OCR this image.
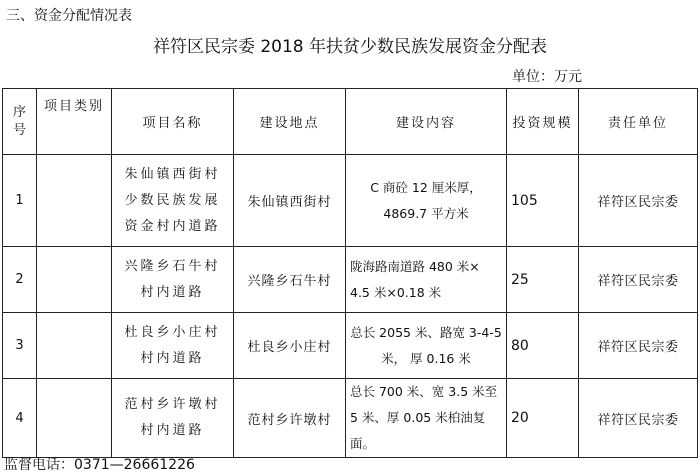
三、资金分配情况表
祥符区民宗委 2018 年扶贫少数民族发展资金分配表
单位：万元
序
号	项目类别	项目名称	建设地点	建设内容	投资规模	责任单位
1		朱仙镇西街村
少数民族发展
资金村内道路	朱仙镇西街村	C 商砼 12 厘米厚，
4869.7 平方米	105	祥符区民宗委
2		兴隆乡石牛村
村内道路	兴隆乡石牛村	陇海路南道路 480 米×
4.5 米×0.18 米	25	祥符区民宗委
3		杜良乡小庄村
村内道路	杜良乡小庄村	总长 2055 米、路宽 3-4-5
米， 厚 0.16 米	80	祥符区民宗委
4		范村乡许墩村
村内道路	范村乡许墩村	总长 700 米、宽 3.5 米至
5 米、厚 0.05 米柏油复面。	20	祥符区民宗委
监督电话：0371—26661226
